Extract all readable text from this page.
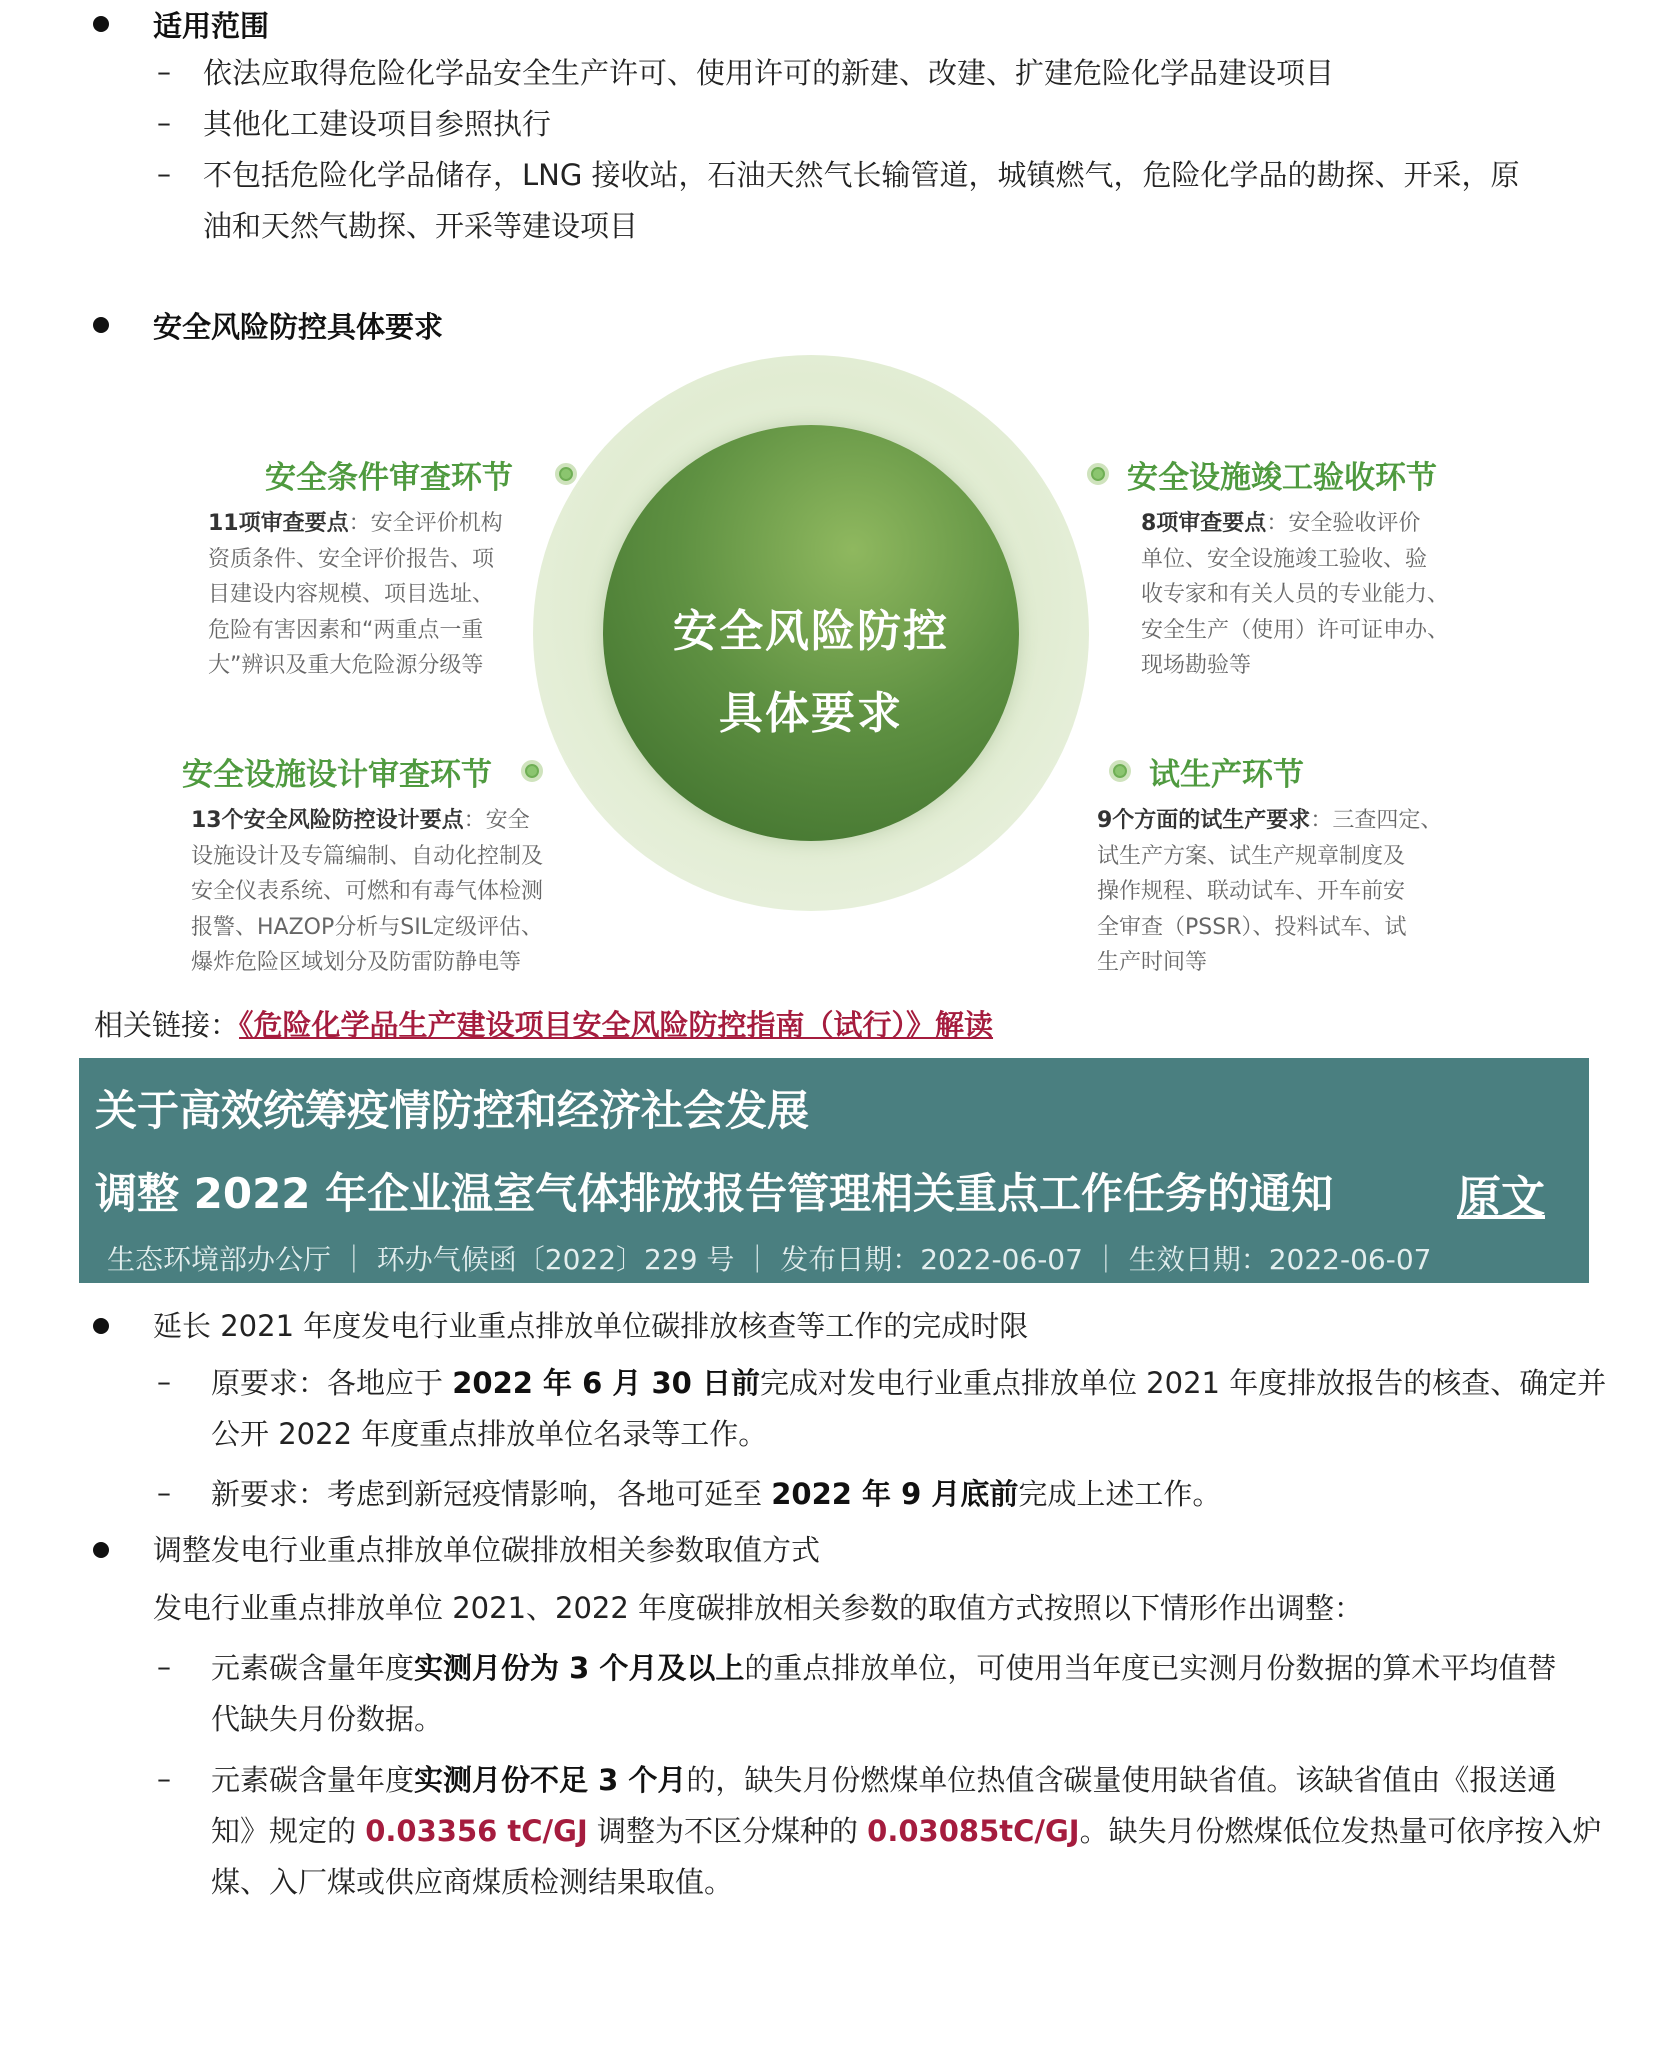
适用范围
– 依法应取得危险化学品安全生产许可、使用许可的新建、改建、扩建危险化学品建设项目
– 其他化工建设项目参照执行
– 不包括危险化学品储存，LNG 接收站，石油天然气长输管道，城镇燃气，危险化学品的勘探、开采，原
油和天然气勘探、开采等建设项目
安全风险防控具体要求
安全风险防控
具体要求
安全条件审查环节
11项审查要点：安全评价机构
资质条件、安全评价报告、项
目建设内容规模、项目选址、
危险有害因素和“两重点一重
大”辨识及重大危险源分级等
安全设施竣工验收环节
8项审查要点：安全验收评价
单位、安全设施竣工验收、验
收专家和有关人员的专业能力、
安全生产（使用）许可证申办、
现场勘验等
安全设施设计审查环节
13个安全风险防控设计要点：安全
设施设计及专篇编制、自动化控制及
安全仪表系统、可燃和有毒气体检测
报警、HAZOP分析与SIL定级评估、
爆炸危险区域划分及防雷防静电等
试生产环节
9个方面的试生产要求：三查四定、
试生产方案、试生产规章制度及
操作规程、联动试车、开车前安
全审查（PSSR）、投料试车、试
生产时间等
相关链接：《危险化学品生产建设项目安全风险防控指南（试行）》解读
关于高效统筹疫情防控和经济社会发展
调整 2022 年企业温室气体排放报告管理相关重点工作任务的通知	原文
生态环境部办公厅 ｜ 环办气候函〔2022〕229 号 ｜ 发布日期：2022-06-07 ｜ 生效日期：2022-06-07
延长 2021 年度发电行业重点排放单位碳排放核查等工作的完成时限
– 原要求：各地应于 2022 年 6 月 30 日前完成对发电行业重点排放单位 2021 年度排放报告的核查、确定并
公开 2022 年度重点排放单位名录等工作。
– 新要求：考虑到新冠疫情影响，各地可延至 2022 年 9 月底前完成上述工作。
调整发电行业重点排放单位碳排放相关参数取值方式
发电行业重点排放单位 2021、2022 年度碳排放相关参数的取值方式按照以下情形作出调整：
– 元素碳含量年度实测月份为 3 个月及以上的重点排放单位，可使用当年度已实测月份数据的算术平均值替
代缺失月份数据。
– 元素碳含量年度实测月份不足 3 个月的，缺失月份燃煤单位热值含碳量使用缺省值。该缺省值由《报送通
知》规定的 0.03356 tC/GJ 调整为不区分煤种的 0.03085tC/GJ。缺失月份燃煤低位发热量可依序按入炉
煤、入厂煤或供应商煤质检测结果取值。
